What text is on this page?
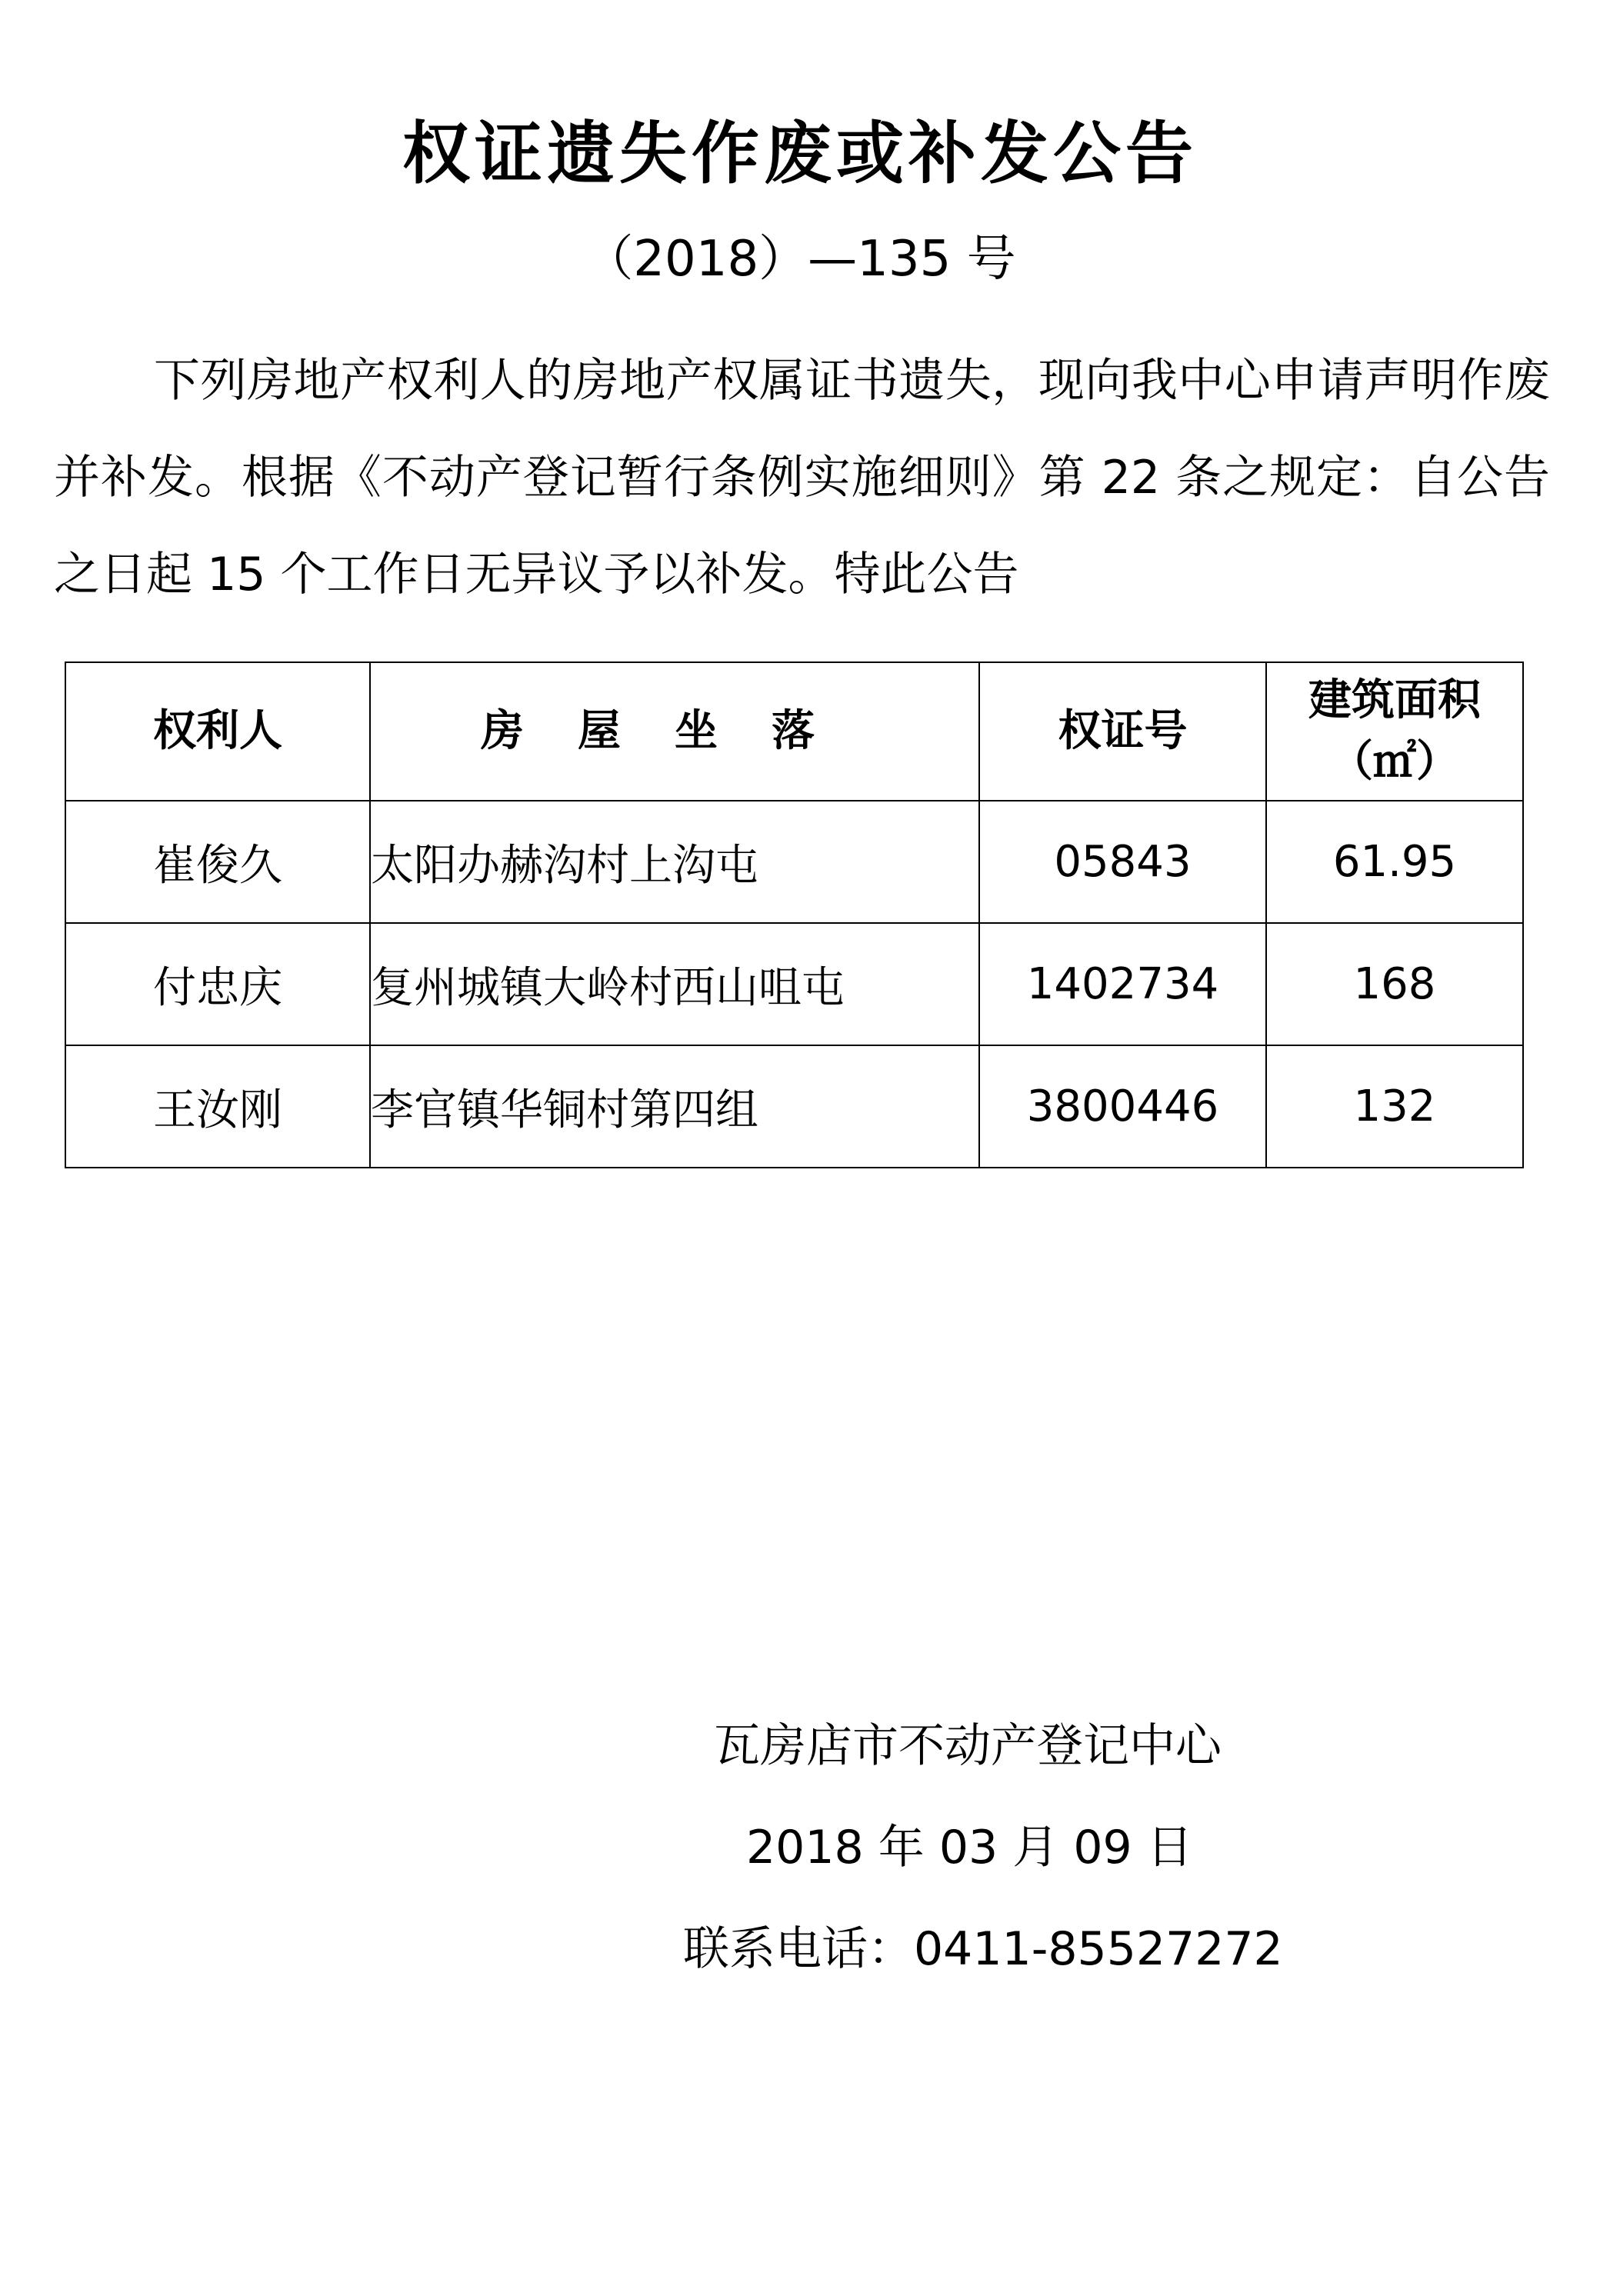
权证遗失作废或补发公告
（2018）—135 号
下列房地产权利人的房地产权属证书遗失，现向我中心申请声明作废并补发。根据《不动产登记暂行条例实施细则》第 22 条之规定：自公告之日起 15 个工作日无异议予以补发。特此公告
权利人	房屋坐落	权证号	建筑面积
（㎡）

崔俊久	太阳办赫沟村上沟屯	05843	61.95
付忠庆	复州城镇大岭村西山咀屯	1402734	168
王汝刚	李官镇华铜村第四组	3800446	132
瓦房店市不动产登记中心
2018 年 03 月 09 日
联系电话：0411-85527272
